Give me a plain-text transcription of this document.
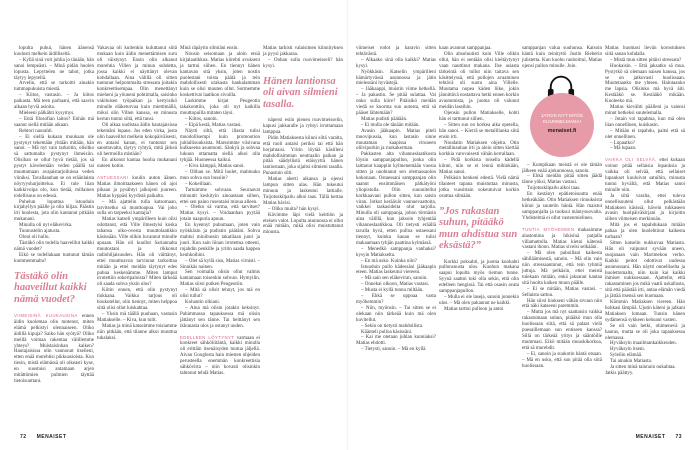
lopulta puhui, hänen äänensä kuulosti melkein äidilliseltä.

– Kyllä sinä voit juhlia jo tänään, hän sanoi lempeästi. – Minä pidän huolen lopusta. Lepyttelen ne tahot, jotka täytyy lepytellä.

Arvelin, että se tarkoitti ainakin tummapukuista miestä.

– Kiitos, vastasin. – Ja kiitos paikasta. Mä teen parhaani, että saavin aikaan hyviä asioita.

Mieleeni pälkähti kysymys.

– Entä filosofian laitos? Enhän mä saanut siellä mitään aikaan.

Rehtori naurahti.

– Ei siellä kukaan muukaan ole pystynyt tekemään yhtään mitään, hän sanoi. – Mä nyt vain tarkoitin, olisitko sä sattumalta pystynyt ihmeisiin. Olisihan se ollut hyvä tietää, jos sä pystyt kävelemään veden päällä tai muuttamaan avajaistarjoiluissa veden viiniksi. Tavallaanhan se on eräänlaista nöyryysharjoittelua. Ei tule liian kaikkivoipa olo, kun tietää, millainen todellisuus on edessä.

Puhelun loputtua istuuduin kirjahyllyn päälle ja olin hiljaa. Päästin irti huolesta, jota olin kantanut pitkään mukanani.

Minulla oli nyt eläkevirka.

Tunnustelin ajatusta.

Oloni oli hullu.

Tästäkö olin todella haaveillut kaikki nämä vuodet?

Eikö se todellakaan tuntunut tämän kummemmalta?

Tästäkö olin haaveillut kaikki nämä vuodet?

VIIMEISINÄ KUUKAUSINA ennen äidin kuolemaa olin tuntenut, miten elämä pelkistyi olennaiseen. Oliko äidillä kipuja? Saiko hän syötyä? Oliko meillä voimaa rakentaa välillemme yhteys? Muistaisinhan kaiken? Hautajaisissa olin vannonut itselleni, etten enää murehtisi pikkuasioista. Kun tiesin, mistä elämässä oli oikeasti kyse, en suostuisi antamaan arjen mitättömien pulmien täyttää tietoisuuttani.

Vakavaa oli kuitenkin kuluttanut siitä mukaan kuin äidin menettämisen suru oli väistynyt. Ensin olin alkanut murehtia Villen ja minun suhdetta, jossa kaikki ei näyttänyt olevan kohdallaan. Aina välillä oli sitten tuntunut helpommalta stressata joitakin konkreettisempaa. Olin menettänyt mieheni ja yöuneni pohtimalla, saisinko vakituisen työpaikan ja kertyisikö minulle eläketurvaa kuin miettimällä, miksi olin Villen kanssa, en minusta kerran tuntui siltä, että tunsi.

Oli aikaa uudistaa äidin hautajaisissa tekemäni lupaus. Jos eden virka, josta olin haaveillut melkein kokopäiväisesti, en antaisi kanan, ei tuntunut sen sanottavalta, täytyy ryhtyä, mitä järkeä oli hermoilla mistään?

En aikonut kantaa huolia mukanani uuteen kotiin.

ASTUESSANI kuulin auton äänen. Matias ilmoittaakseen hänen oli ajoi pihaan ja pysähtyi jalkojeni juureen. Matias hyppäsi kyydistä paikalta.

– Mä ajattelin tulla katsomaan, tarvitsetko sä muuttoapua. Vai joko sulla on tarpeeksi kantajia?

Matias katseli ympärilleen kuin olisi odottanut, että Ville ilmestyisi koska tahansa ulko-ovesta muuttolaatikko käsissään. Ville olikin luvannut minulle apuaan. Hän oli kuullut Sariannalta muutostani ja rikkonut radiohiljaisuuden. Hän oli väittänyt, ettei muuttoavun tarvinnut tarkoittaa mitään ja ettei meidän täytynyt edes puhua keskenämme. Miten lamput irrotettiin sokeripaloista? Miten tärkeää oli saada sohva yksin ulos?

Kiitin ennen, että olin pystynyt tiukkana. Vaikka tarjous oli houkutellut, olin tiennyt, miten helppoa siitä olisi ollut luiskahtaa.

– Yksin mä täällä puuhaan, vastasin Matiakselle. – Kiva, kun tulit.

Matias ja minä katsoimme toisiamme niin pitkään, että tilanne alkoi muuttua tukalaksi.

Minä räpäytin silmiäni ensin.

Nousin seisomaan ja aloin etsiä kirjalaatikkoa. Matias kiirehti avukseni ja tarttui siihen. En tiennyt hänen kantavan sitä yksin, joten nostin puolestani toista päätä ja tein mahdollisesti urakasta hankalamman kuin se olisi muuten ollut. Sormemme koskettivat laatikon sivuilla.

Laskimme kirjat Peugeotin takakonttiin, joka oli nyt kaikilla muuttopuilla mitaten täysi.

– Kiitos, sanoin.

– Eipä kestä, Matias vastasi.

Näytti siltä, että illasta tulisi muodollisempi kuin promootion juhlallisuuksista. Marssimme viisivana kulkueena asuntooni. Sänkyä ja sohvaa lukuun ottamatta siellä alkoi olla tyhjää. Huoneessa kaikui.

– Kiva kämppä, Matias sanoi.

– Olihan se. Mitä luulet, mahtuuko mun sohva sun bussiin?

– Kokeillaan.

Tartuimme sohvaan. Seuraavat minuutit keskityin ainoastaan siihen, ettei sen paino rusentaisi minua alleen.

– Oletko sä varma, että tarvitset? Matias kysyi. – Voidaanhan pyytää jotain naapuria apuun.

En kyennyt puhumaan, joten vain nyökkäsin ja pudistin päätäni. Sohva mahtui minibussin takatilaan juuri ja juuri. Kun sain liinan irrotettua otteeni, rojahdin penkille ja yritin saada happea keuhkoihini.

– Olet sä kyllä sisu, Matias virnisti. – Sinnikäs nainen.

Sen voimalla olisin ollut valmis kantamaan toisenkin sohvan. Hymyilin. Matias siirsi putken Peugeotiin.

– Mitä sä olisit tehnyt, jos mä en olisi tullut?

Kohautin olkiani.

– Aina mä olisin jotakin keksinyt. Pahimmassa tapauksessa mä olisin jättänyt sen tänne. Tai heittänyt sen ikkunasta ulos ja ostanyt uuden.

EDELLEEN LÖYTYNYT varmaan ei konkreet sähköliitäntä, kaikki minulla oli erittäin itsenäisyden tuntua jäljellä. Aivan Googlesta hain miesten ohjeiden perusteella enemmän konkreettisia sähkövirta – niin kovasti olisinkin tahtonut tehdä Matias.

Matias tarkisti valaisimen kiinnityksen ja pyysi jakkaraa.

– Onhan sulla ruuvimeisseli? hän kysyi.

Hänen lantionsa oli aivan silmieni tasalla.

näpersi esiin pienen ruuvimeisselin, kapusi jakkaralle ja ryhtyi irrottamaan lamppua.

Pidin Matiaksesta kiinni siltä varalta, että tuoli antaisi periksi tai että hän horjahtaisi. Yritin löytää käsilleni mahdollisimman neutraalin paikan ja pitää säädyllistä etäisyyttä hänen lantiostaan, joka sijaitsi silmieni tasalla. Punastuin silti.

Matias aherti aikansa ja ojensi lampun sitten alas. Hän tukeutui minuun ja laskeutui lattialle. Tuijotuskilpailu alkoi taas. Tällä kertaa Matias hävisi.

– Oliko muita? hän kysyi.

Kävimme läpi vielä keittiön ja eteisen valot. Lopulta asunnossa ei ollut enää mitään, mikä olisi muistuttanut minusta.

viimeiset rodot ja haravin sitten tehtävästä.

– Alkaako sinä olla kaikki? Matias kysyi.

Nyökkäsin. Katselin ympärilleni hämärtyvässä asunnossa ja jätin mielessäni hyvästejä.

– Jääkaappi, muistin viime hetkellä. – Ja pakastin. Se pitää sulattaa. Vai onko sulla kiire? Pitäisikö meidän viedä se kuorma sun autosta, että sä pääset lähtemään?

Matias pudisti päätään.

– Ei mulla ole tänään mitään.

Avasin jääkaapin. Matias piteli muovipussia, kun lastasin sinne muutaman kaapissa viruneen oliivipurkin ja ruokakerman.

Pakkasten alta vihanneslaatikosta löysin samppanjapullon, jonka olin laittanut kaappiin kylmenemään vuosia sitten ja unohtanut sen olemassaolon kokonaan. Ostaessani samppanjan olin saanut ensimmäisen pätkätyöni yliopistolla. Olin suunnitellut korkkaavani pullon sitten, kun saisin viran. Jotkut keräävät vaunuevaattoita, vaikkei taskasideita olut tarjolla. Minulla oli samppanja, johon törmäsin aina välillä, kun jaksoin tyhjentää vihanneslaatikkoa. Oli tietysti eräällä tavalla hyvä, etten pulloa ostaessani tiennyt, kuinka kauan se tulisi makaamaan tyhjän paattina kylmässä.

– Menedkö samppanja vanhaksi? kysyin Matiakselta.

– En mä usko. Kuinka niin?

Istuuduin pullo kädessäni jääkaapin eteen. Matias laskeutui viereeni.

– Mä sain sen eläkeviran, sanoin.

– Onnekai olkoon, Matias vastasi.

– Musta ei kyllä tunnu miltään.

– Ehkä se uppoaa vasta myöhemmin?

– Niin, myönsin. – Tai sitten se ei olekaan niin tärkeää kuin mä olen kuvitellut.

– Sekin on tietysti mahdollista.

Käänteli pulloa käsissäni.

– Kai me otetaan juhlan kunniaksi? Matias ehdotti.

– Tietysti, sanoin. – Mä en kyllä

kaan avannut samppanjaa.

Olin absoluutisti kuin Ville olikin ollut, hän ei sentään olisi kieltäytynyt vaan nauttinut mukana. Ilse asiasta tärkeintä oli tullut niin taitava sen käsittelyssä, että pullojen avaaminen tehtävä oli suotu aina Villelle. Muutama nopea käden liike, jokin jännittävä nostattava hetki ennen korkin avautumista, ja juoma oli valunut meidän laseihin.

Ojensin pullon Matiakselle, kohti hän ei tarttunut siihen.

– Sitten sun on korkea aika opetella, hän sanoi. – Kierrä se metallilanka siitä ensin irti.

Noudatin Matiaksen ohjeita. Otin metallinauhan irti ja aloin sitten kiertää korkkia varovaisesti vähän kerrallaan.

– Pidä korkista toisella kädellä kiinni, niin se ei lennä mihinkään, Matias sanoi.

Pelkäsin henkeni edestä. Vielä nämä tilanteet tapana muistuttaa minusta, jotka vuosittain sokeutuivat korkin osuttua silmään.

”Jos rakastan suhun, pitääkö mun ahdistua sun eksästä?”

Korkki poksahti, ja juoma kuohahti pullonsuusta ulos. Kuohun makana saapui lopulta myös riemun tunne. Syynä saattoi toki olla sekin, että olin edelleen hengissä. Tai että osasin avata samppanjapullon.

– Mulla ei ole laseja, sanoin jonnekin ulos. – Mä olen pakannut ne kaikki.

Matias tarttui pulloon ja antoi

samppanjan valua suuhunsa. Katsoin häntä kuin teinityttö Justin Bieberin julistetta. Kun kuohu rauhoittui, Matias ojensi pullon minulle. Join.

JATKIS NYT MYÖS KUUNNELMANA!
menaiset.fi

– Kumpikaan meistä ei ole tämän jälkeen enää ajokunnossa, sanoin.

– Ehkä meidän pitää sitten jäädä tänne yöksi, Matias vastasi.

Tuijotuskilpailu alkoi taas.

En kestänyt epätietoisuutta enää hetkeäkään. Otin Matiaksen rinnuksista kiinni ja suutelin häntä. Hän maistui samppanjalta ja tuoksui mäntysuovalta. Yhdistelmä ei ollut vastenmielinen.

TUNTIA MYÖHEMMIN makasimme alastomina ja hikisinä patjalla villamattolla. Matias kietoi kätensä vastani ihoon. Matias sivelsi selkääni.

– Mä olen pahoillani kaikesta sählläämisestä, sanoin. – Mä olin vain niin stressaantunut, että tein tyhmiä juttuja. Mä pelkäsin, ettei meistä tulekaan mitään, enkä jaksanut kantaa sitä huolta kaiken muun päälle.

– Ei se mitään, Matias vastasi. – Sellaista sattuu.

Hän siirsi hiukseni vähän sivuun niin että näki katseeni paremmin.

– Mutta jos mä nyt saattaisin vaikka rakastumaan suhun, pitääkö mun olla huolissaan siitä, että sä palaat vielä puesaillemaan sun entiseen kanssa? Sillä on tärkeää yritys ja sääntöille mummasi. Eikö mitään muuskikorkoa, että sä murehdit.

– Ei, sanoin ja suukotin häntä otsaan. – Mä en usko, että sun pitää olla siitä huolissaan.

Matias huomasi lievän korostuksen siitä sanan kohdalla.

– Mistä mun sitten pitäisi stressata?

Huokaisin. – Että jaksatko sä mua. Pystytkö sä olemaan naisen kanssa, jos se on jatkuvasti huolissaan. Muutetaanko me yhteen. Halutaanko me lapsia. Olisinko mä hyvä äiti. Kestääkö se. Kestääkö mikään. Kuoleeko mä.

Matias kievähti päälleni ja vaiensi minut hetkeksi suutelemalla.

– Jotain voi tapahtua, kun mä olen liian onnellinen, kuiskasin.

– Mitään ei tapahdu, paitsi että sä olet onnellinen.

– Lupaatko?

– Mä lupaan.

VAIKKA OLI SELVÄÄ, ettei kukaan voinut pitää sellaisia lupauksia ja vaikka oli selvää, että sellaiset lupaukset kuuluivat satuihin, minusta tuntui hyvältä, että Matias sanoi minulle niin.

Ja siltä varalta, ettei tuleva onnellisuuteni ollut pelkästään Matiaksen käsissä, hävein rukkaseen avasin huolpäiväkirjani ja kirjoitin siihen viimeisen merkinnän.

Mitä jos ei tapahdukaan mitään pahaa ja olen huolehtinut kaikesta turhaan?

Sitten katselin nukkuvaa Matiasta. Hän oli vaipunut syvään uneen, suojanaan vain Marimekon verho. Kaikki peitot odottivat uudessa asunnossani. Hän näytti onnelliselta ja huolettomalta, niin kuin kai kaikki ihmiset nukkuessaan. Ajattelin, että rakastaminen jos mikä vaatii uskallusta, sitä että päästää irti, antaa elämän viedä ja jättää itsensä sen huomaan.

Kömmin Matiaksen viereen. Hän hohkasi lämpöä. Ujutin käteni ja jalkani Matiaksen lomaan. Tunsin hänen sydämensä sykkeen kehoani vasten.

Se oli vain hetki, ohimenevä ja hauras, mutta se oli joka tapauksessa olemassa.

Hyväksyin maailmankaikkeuden.

Hyväksyin itseni.

Syleilin elämää.

Tai ainakin Matiasta.

Ja sitten minä tainnuin nukahtaa.

Jatkis päättyy.

72 MENAISET	MENAISET 73
